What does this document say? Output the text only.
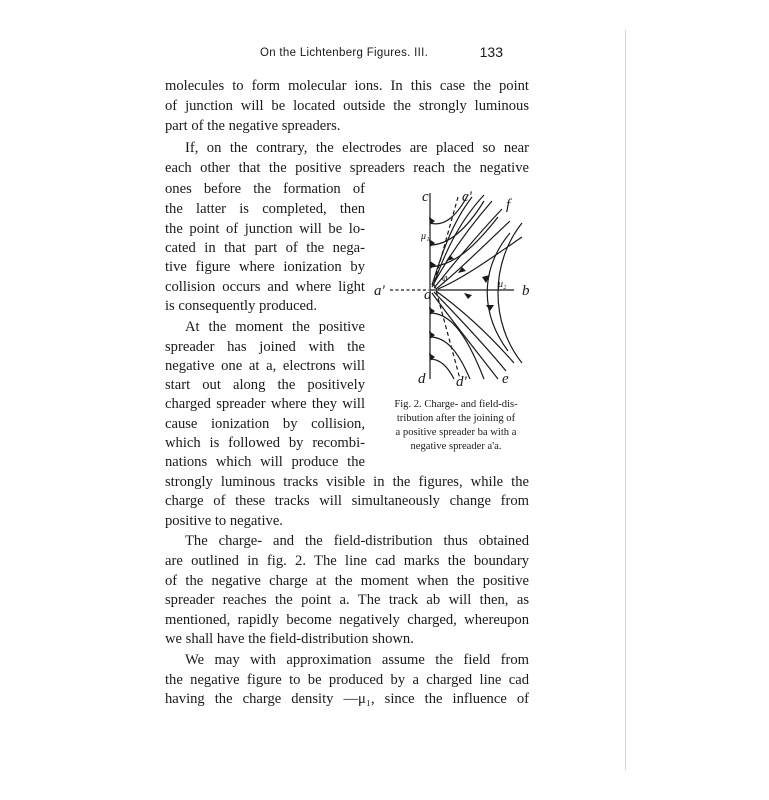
On the Lichtenberg Figures. III.	133
molecules to form molecular ions. In this case the point
of junction will be located outside the strongly luminous
part of the negative spreaders.
If, on the contrary, the electrodes are placed so near
each other that the positive spreaders reach the negative
ones before the formation of
the latter is completed, then
the point of junction will be lo-
cated in that part of the nega-
tive figure where ionization by
collision occurs and where light
is consequently produced.
At the moment the positive
spreader has joined with the
negative one at a, electrons will
start out along the positively
charged spreader where they will
cause ionization by collision,
which is followed by recombi-
nations which will produce the
strongly luminous tracks visible in the figures, while the
charge of these tracks will simultaneously change from
positive to negative.
The charge- and the field-distribution thus obtained
are outlined in fig. 2. The line cad marks the boundary
of the negative charge at the moment when the positive
spreader reaches the point a. The track ab will then, as
mentioned, rapidly become negatively charged, whereupon
we shall have the field-distribution shown.
We may with approximation assume the field from
the negative figure to be produced by a charged line cad
having the charge density —μ₁, since the influence of
c c' f
a'	a	b
d d' e
μ₁
μ₂
φ
Fig. 2. Charge- and field-dis-
tribution after the joining of
a positive spreader ba with a
negative spreader a'a.
